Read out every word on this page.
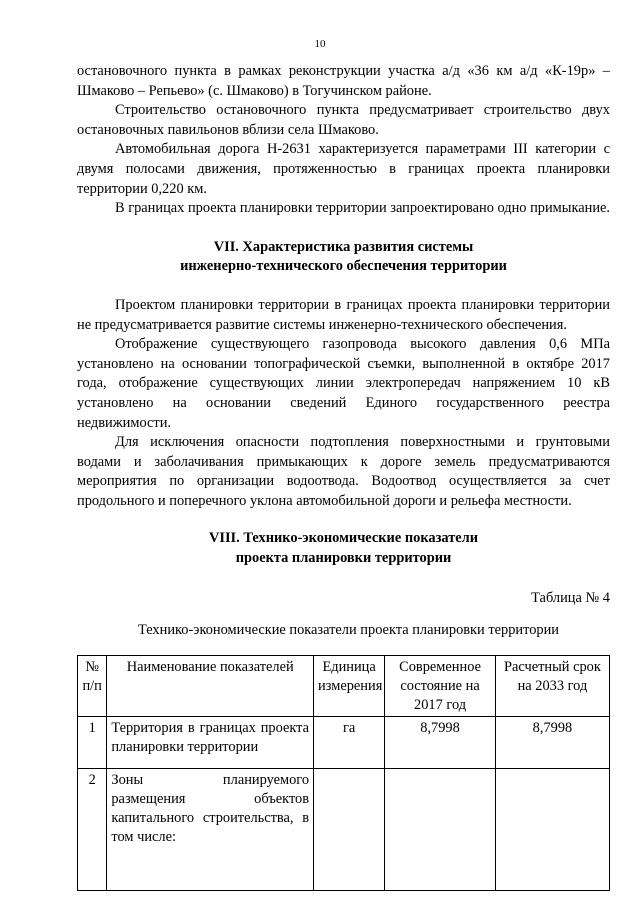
10

остановочного пункта в рамках реконструкции участка а/д «36 км а/д «К-19р» – Шмаково – Репьево» (с. Шмаково) в Тогучинском районе.

Строительство остановочного пункта предусматривает строительство двух остановочных павильонов вблизи села Шмаково.

Автомобильная дорога Н-2631 характеризуется параметрами III категории с двумя полосами движения, протяженностью в границах проекта планировки территории 0,220 км.

В границах проекта планировки территории запроектировано одно примыкание.

VII. Характеристика развития системы
инженерно-технического обеспечения территории

Проектом планировки территории в границах проекта планировки территории не предусматривается развитие системы инженерно-технического обеспечения.

Отображение существующего газопровода высокого давления 0,6 МПа установлено на основании топографической съемки, выполненной в октябре 2017 года, отображение существующих линии электропередач напряжением 10 кВ установлено на основании сведений Единого государственного реестра недвижимости.

Для исключения опасности подтопления поверхностными и грунтовыми водами и заболачивания примыкающих к дороге земель предусматриваются мероприятия по организации водоотвода. Водоотвод осуществляется за счет продольного и поперечного уклона автомобильной дороги и рельефа местности.

VIII. Технико-экономические показатели
проекта планировки территории
Таблица № 4
Технико-экономические показатели проекта планировки территории
№ п/п	Наименование показателей	Единица измерения	Современное состояние на 2017 год	Расчетный срок на 2033 год
1	Территория в границах проекта планировки территории	га	8,7998	8,7998
2	Зоны планируемого размещения объектов капитального строительства, в том числе:			
